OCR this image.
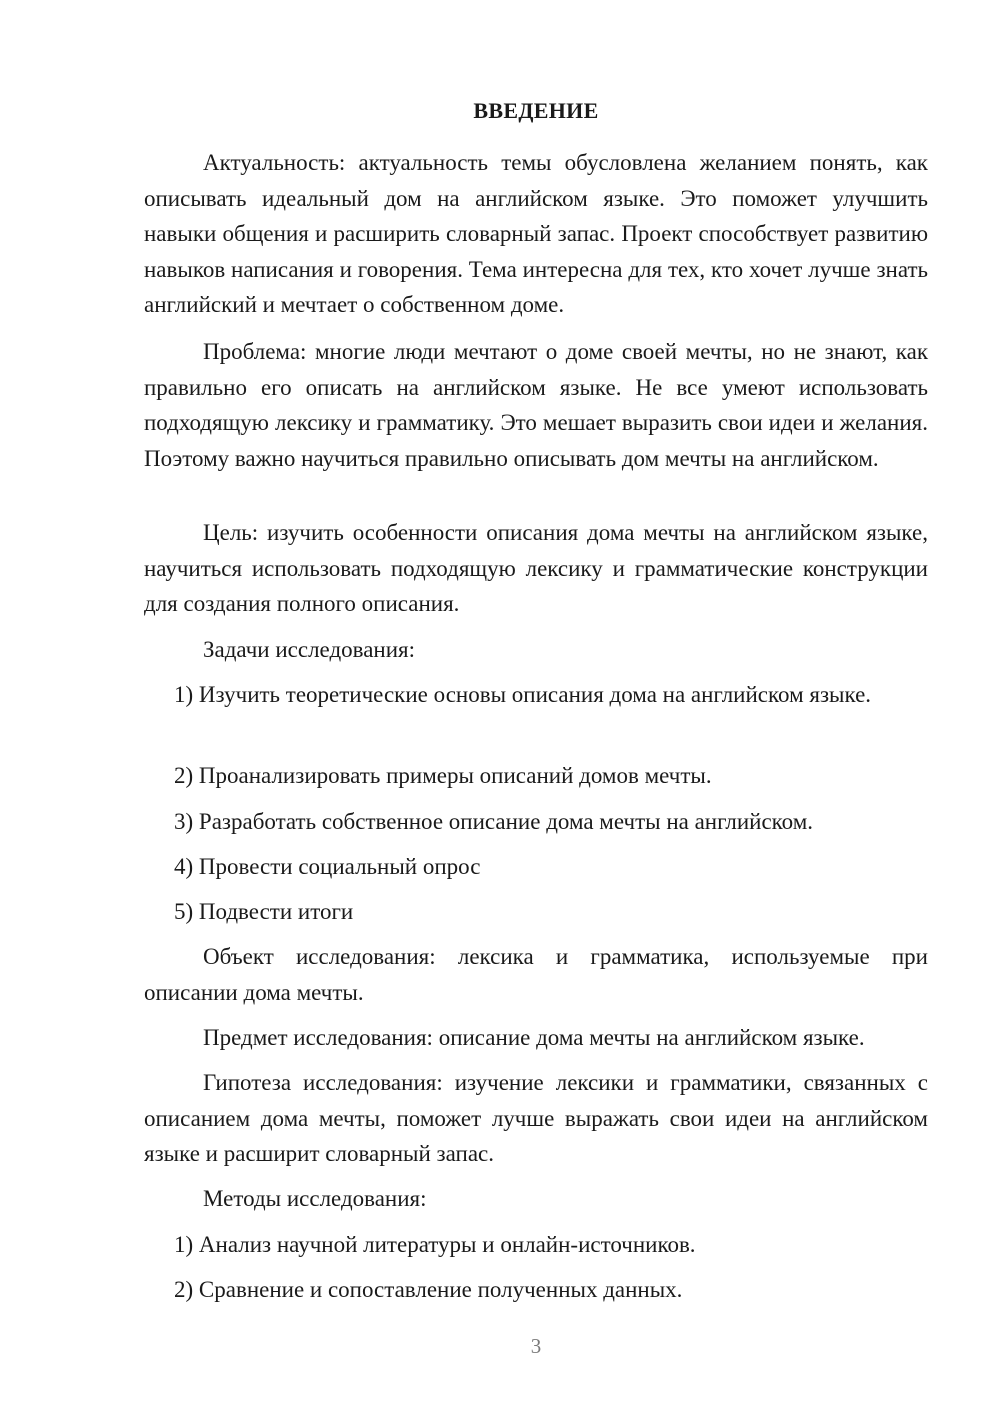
ВВЕДЕНИЕ

Актуальность: актуальность темы обусловлена желанием понять, как описывать идеальный дом на английском языке. Это поможет улучшить навыки общения и расширить словарный запас. Проект способствует развитию навыков написания и говорения. Тема интересна для тех, кто хочет лучше знать английский и мечтает о собственном доме.

Проблема: многие люди мечтают о доме своей мечты, но не знают, как правильно его описать на английском языке. Не все умеют использовать подходящую лексику и грамматику. Это мешает выразить свои идеи и желания. Поэтому важно научиться правильно описывать дом мечты на английском.

Цель: изучить особенности описания дома мечты на английском языке, научиться использовать подходящую лексику и грамматические конструкции для создания полного описания.

Задачи исследования:

1) Изучить теоретические основы описания дома на английском языке.

2) Проанализировать примеры описаний домов мечты.

3) Разработать собственное описание дома мечты на английском.

4) Провести социальный опрос

5) Подвести итоги

Объект исследования: лексика и грамматика, используемые при описании дома мечты.

Предмет исследования: описание дома мечты на английском языке.

Гипотеза исследования: изучение лексики и грамматики, связанных с описанием дома мечты, поможет лучше выражать свои идеи на английском языке и расширит словарный запас.

Методы исследования:

1) Анализ научной литературы и онлайн-источников.

2) Сравнение и сопоставление полученных данных.

3
